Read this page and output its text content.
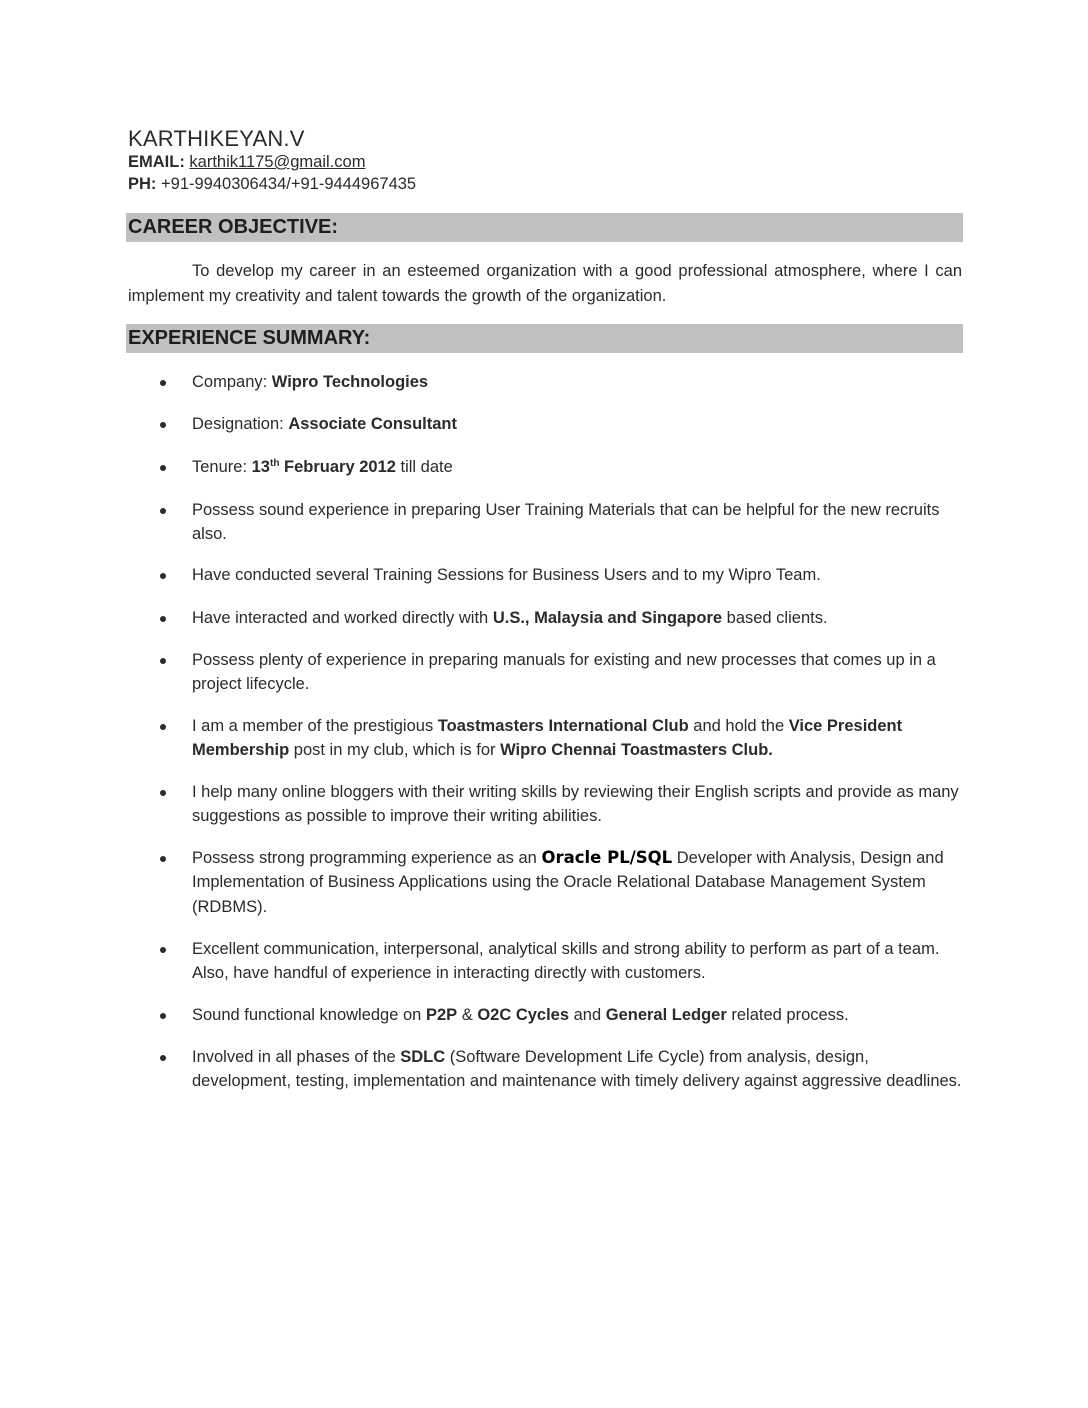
KARTHIKEYAN.V
EMAIL: karthik1175@gmail.com
PH: +91-9940306434/+91-9444967435
CAREER OBJECTIVE:
To develop my career in an esteemed organization with a good professional atmosphere, where I can implement my creativity and talent towards the growth of the organization.
EXPERIENCE SUMMARY:
Company: Wipro Technologies
Designation: Associate Consultant
Tenure: 13th February 2012 till date
Possess sound experience in preparing User Training Materials that can be helpful for the new recruits also.
Have conducted several Training Sessions for Business Users and to my Wipro Team.
Have interacted and worked directly with U.S., Malaysia and Singapore based clients.
Possess plenty of experience in preparing manuals for existing and new processes that comes up in a project lifecycle.
I am a member of the prestigious Toastmasters International Club and hold the Vice President Membership post in my club, which is for Wipro Chennai Toastmasters Club.
I help many online bloggers with their writing skills by reviewing their English scripts and provide as many suggestions as possible to improve their writing abilities.
Possess strong programming experience as an Oracle PL/SQL Developer with Analysis, Design and Implementation of Business Applications using the Oracle Relational Database Management System (RDBMS).
Excellent communication, interpersonal, analytical skills and strong ability to perform as part of a team. Also, have handful of experience in interacting directly with customers.
Sound functional knowledge on P2P & O2C Cycles and General Ledger related process.
Involved in all phases of the SDLC (Software Development Life Cycle) from analysis, design, development, testing, implementation and maintenance with timely delivery against aggressive deadlines.
